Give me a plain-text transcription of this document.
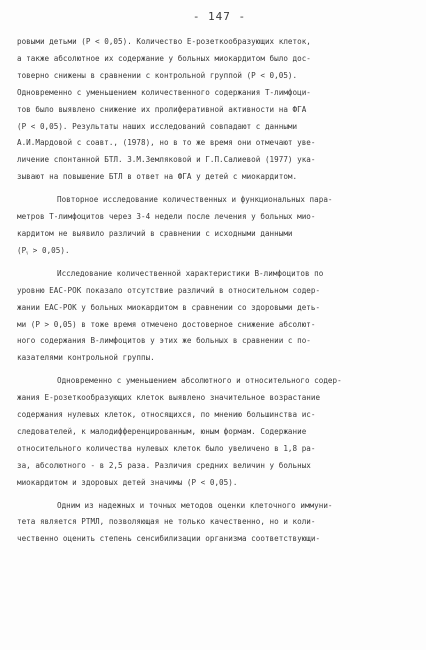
- 147 -
ровыми детьми (P < 0,05). Количество Е-розеткообразующих клеток,
а также абсолютное их содержание у больных миокардитом было дос-
товерно снижены в сравнении с контрольной группой (P < 0,05).
Одновременно с уменьшением количественного содержания Т-лимфоци-
тов было выявлено снижение их пролиферативной активности на ФГА
(P < 0,05). Результаты наших исследований совпадают с данными
А.И.Мардовой с соавт., (1978), но в то же время они отмечают уве-
личение спонтанной БТЛ. З.М.Земляковой и Г.П.Салиевой (1977) ука-
зывают на повышение БТЛ в ответ на ФГА у детей с миокардитом.
Повторное исследование количественных и функциональных пара-
метров Т-лимфоцитов через 3-4 недели после лечения у больных мио-
кардитом не выявило различий в сравнении с исходными данными
(Pᵧ > 0,05).
Исследование количественной характеристики В-лимфоцитов по
уровню ЕАС-РОК показало отсутствие различий в относительном содер-
жании ЕАС-РОК у больных миокардитом в сравнении со здоровыми деть-
ми (P > 0,05) в тоже время отмечено достоверное снижение абсолют-
ного содержания В-лимфоцитов у этих же больных в сравнении с по-
казателями контрольной группы.
Одновременно с уменьшением абсолютного и относительного содер-
жания Е-розеткообразующих клеток выявлено значительное возрастание
содержания нулевых клеток, относящихся, по мнению большинства ис-
следователей, к малодифференцированным, юным формам. Содержание
относительного количества нулевых клеток было увеличено в 1,8 ра-
за, абсолютного - в 2,5 раза. Различия средних величин у больных
миокардитом и здоровых детей значимы (P < 0,05).
Одним из надежных и точных методов оценки клеточного иммуни-
тета является РТМЛ, позволяющая не только качественно, но и коли-
чественно оценить степень сенсибилизации организма соответствующи-
